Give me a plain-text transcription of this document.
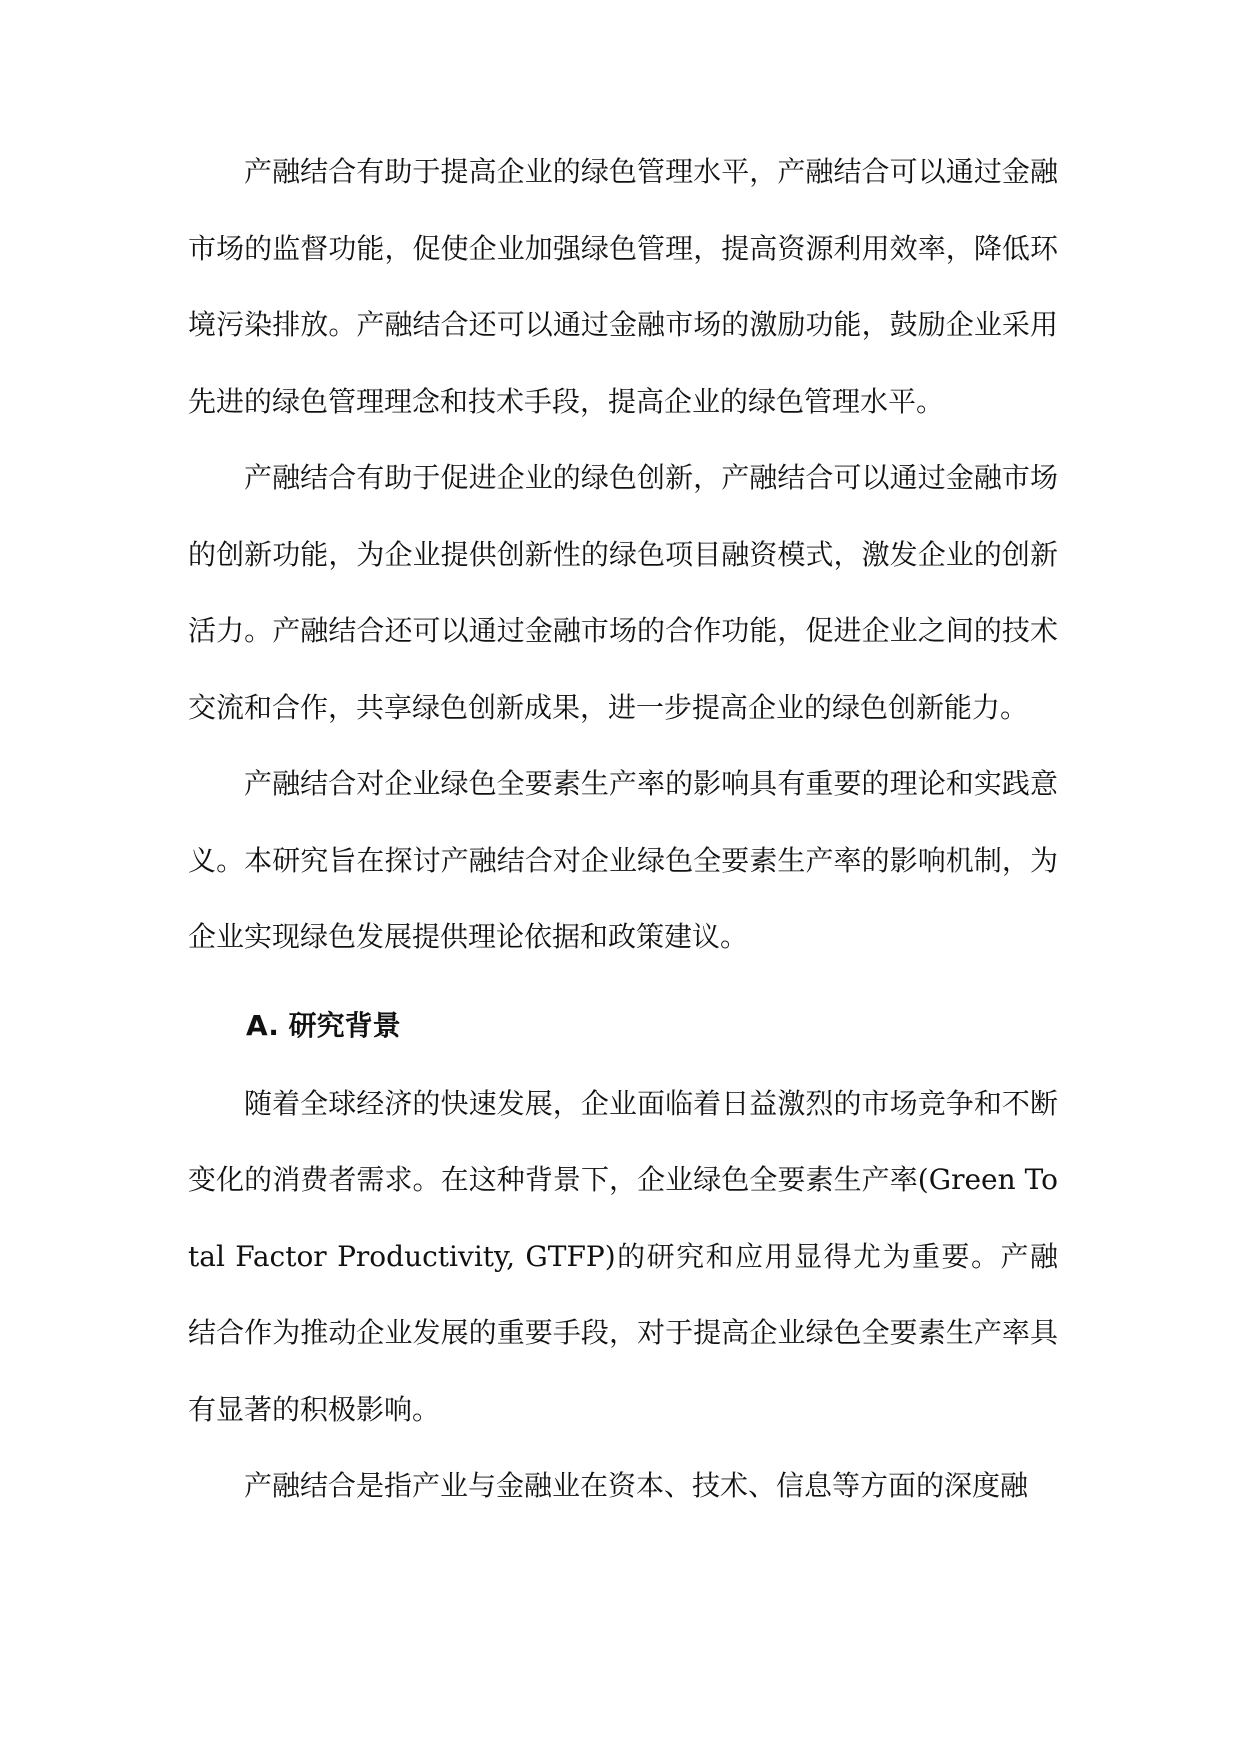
产融结合有助于提高企业的绿色管理水平，产融结合可以通过金融市场的监督功能，促使企业加强绿色管理，提高资源利用效率，降低环境污染排放。产融结合还可以通过金融市场的激励功能，鼓励企业采用先进的绿色管理理念和技术手段，提高企业的绿色管理水平。

产融结合有助于促进企业的绿色创新，产融结合可以通过金融市场的创新功能，为企业提供创新性的绿色项目融资模式，激发企业的创新活力。产融结合还可以通过金融市场的合作功能，促进企业之间的技术交流和合作，共享绿色创新成果，进一步提高企业的绿色创新能力。

产融结合对企业绿色全要素生产率的影响具有重要的理论和实践意义。本研究旨在探讨产融结合对企业绿色全要素生产率的影响机制，为企业实现绿色发展提供理论依据和政策建议。

A. 研究背景

随着全球经济的快速发展，企业面临着日益激烈的市场竞争和不断变化的消费者需求。在这种背景下，企业绿色全要素生产率(Green Total Factor Productivity, GTFP)的研究和应用显得尤为重要。产融结合作为推动企业发展的重要手段，对于提高企业绿色全要素生产率具有显著的积极影响。

产融结合是指产业与金融业在资本、技术、信息等方面的深度融
